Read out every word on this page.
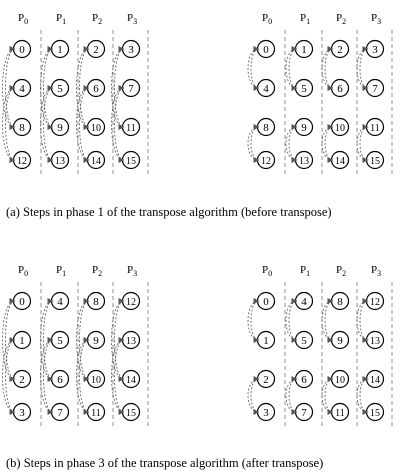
$P_0$	$P_1$ $P_2$ $P_3$
0	1	2	3
4	5	6	7
8	9	10	11
12	13	14	15
$P_0$	$P_1$ $P_2$ $P_3$
0	1	2	3
4	5	6	7
8	9	10	11
12	13	14	15
$P_0$	$P_1$ $P_2$ $P_3$
0	4	8	12
1	5	9	13
2	6	10	14
3	7	11	15
$P_0$	$P_1$ $P_2$ $P_3$
0	4	8	12
1	5	9	13
2	6	10	14
3	7	11	15
(a) Steps in phase 1 of the transpose algorithm (before transpose)
(b) Steps in phase 3 of the transpose algorithm (after transpose)
